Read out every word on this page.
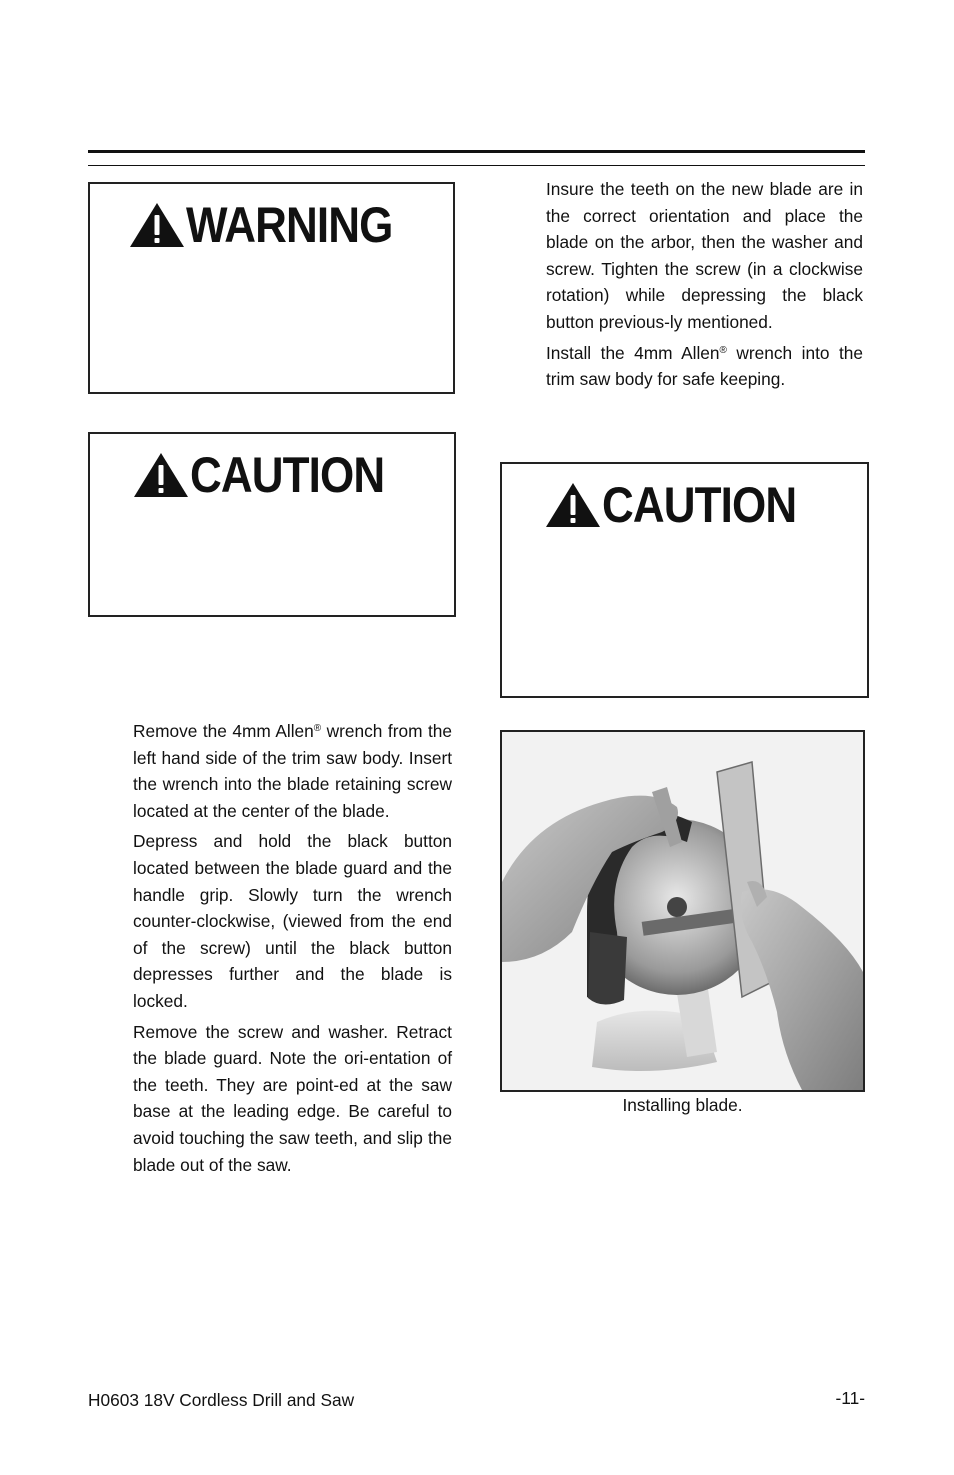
WARNING
CAUTION

Insure the teeth on the new blade are in the correct orientation and place the blade on the arbor, then the washer and screw. Tighten the screw (in a clockwise rotation) while depressing the black button previous-ly mentioned.

Install the 4mm Allen® wrench into the trim saw body for safe keeping.

CAUTION

Remove the 4mm Allen® wrench from the left hand side of the trim saw body. Insert the wrench into the blade retaining screw located at the center of the blade.

Depress and hold the black button located between the blade guard and the handle grip. Slowly turn the wrench counter-clockwise, (viewed from the end of the screw) until the black button depresses further and the blade is locked.

Remove the screw and washer. Retract the blade guard. Note the ori-entation of the teeth. They are point-ed at the saw base at the leading edge. Be careful to avoid touching the saw teeth, and slip the blade out of the saw.

Installing blade.
H0603 18V Cordless Drill and Saw	-11-
